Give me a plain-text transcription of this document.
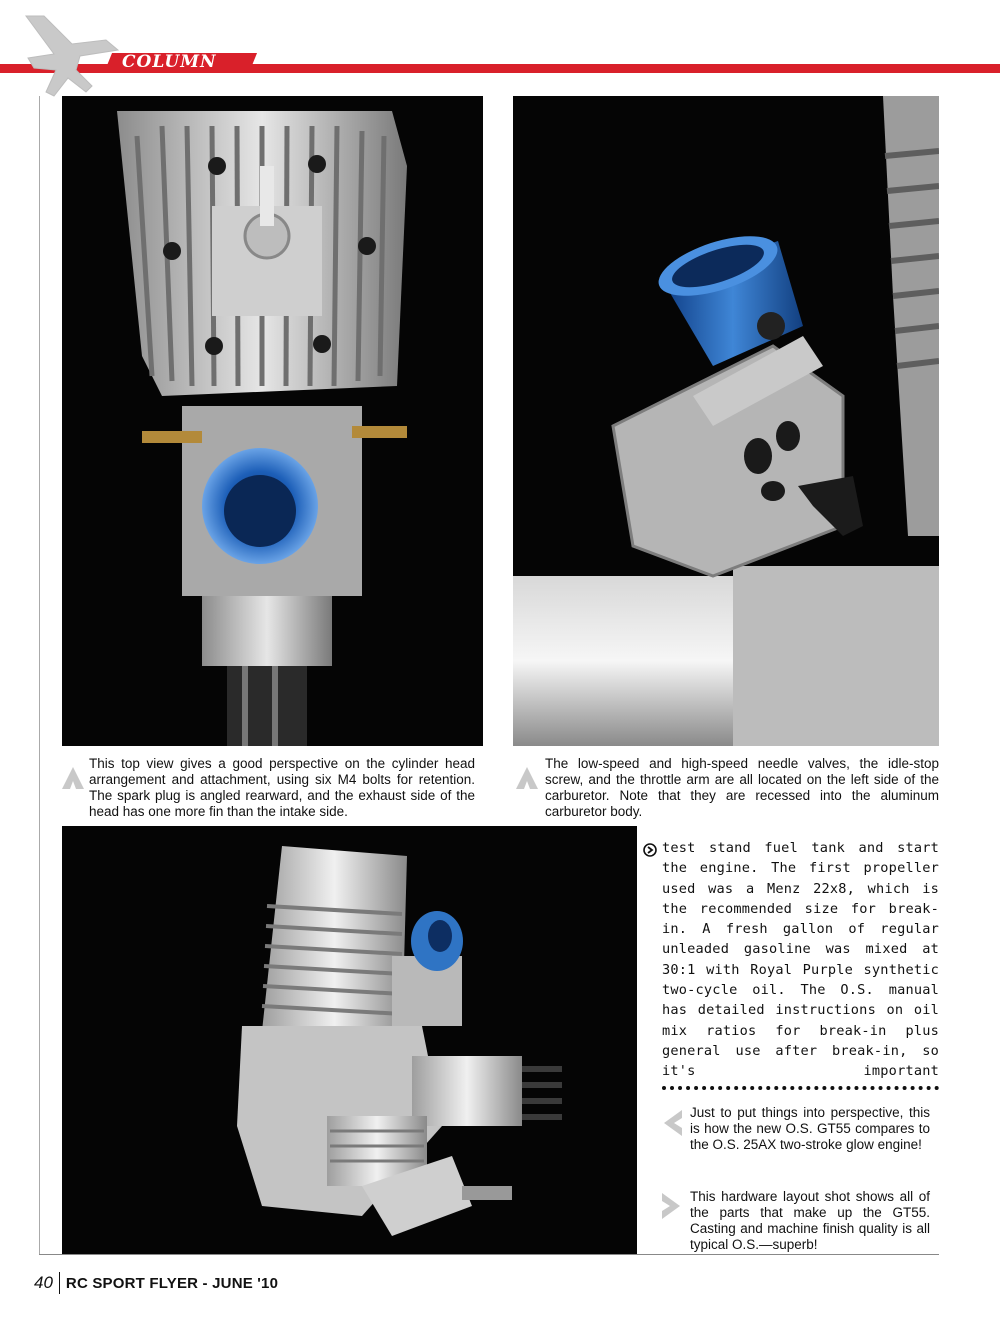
COLUMN

This top view gives a good perspective on the cylinder head arrangement and attachment, using six M4 bolts for retention. The spark plug is angled rearward, and the exhaust side of the head has one more fin than the intake side.

The low-speed and high-speed needle valves, the idle-stop screw, and the throttle arm are all located on the left side of the carburetor. Note that they are recessed into the aluminum carburetor body.

test stand fuel tank and start the engine. The first propeller used was a Menz 22x8, which is the recommended size for break-in. A fresh gallon of regular unleaded gasoline was mixed at 30:1 with Royal Purple synthetic two-cycle oil. The O.S. manual has detailed instructions on oil mix ratios for break-in plus general use after break-in, so it's important

Just to put things into perspective, this is how the new O.S. GT55 compares to the O.S. 25AX two-stroke glow engine!

This hardware layout shot shows all of the parts that make up the GT55. Casting and machine finish quality is all typical O.S.—superb!

40 RC SPORT FLYER - JUNE '10
